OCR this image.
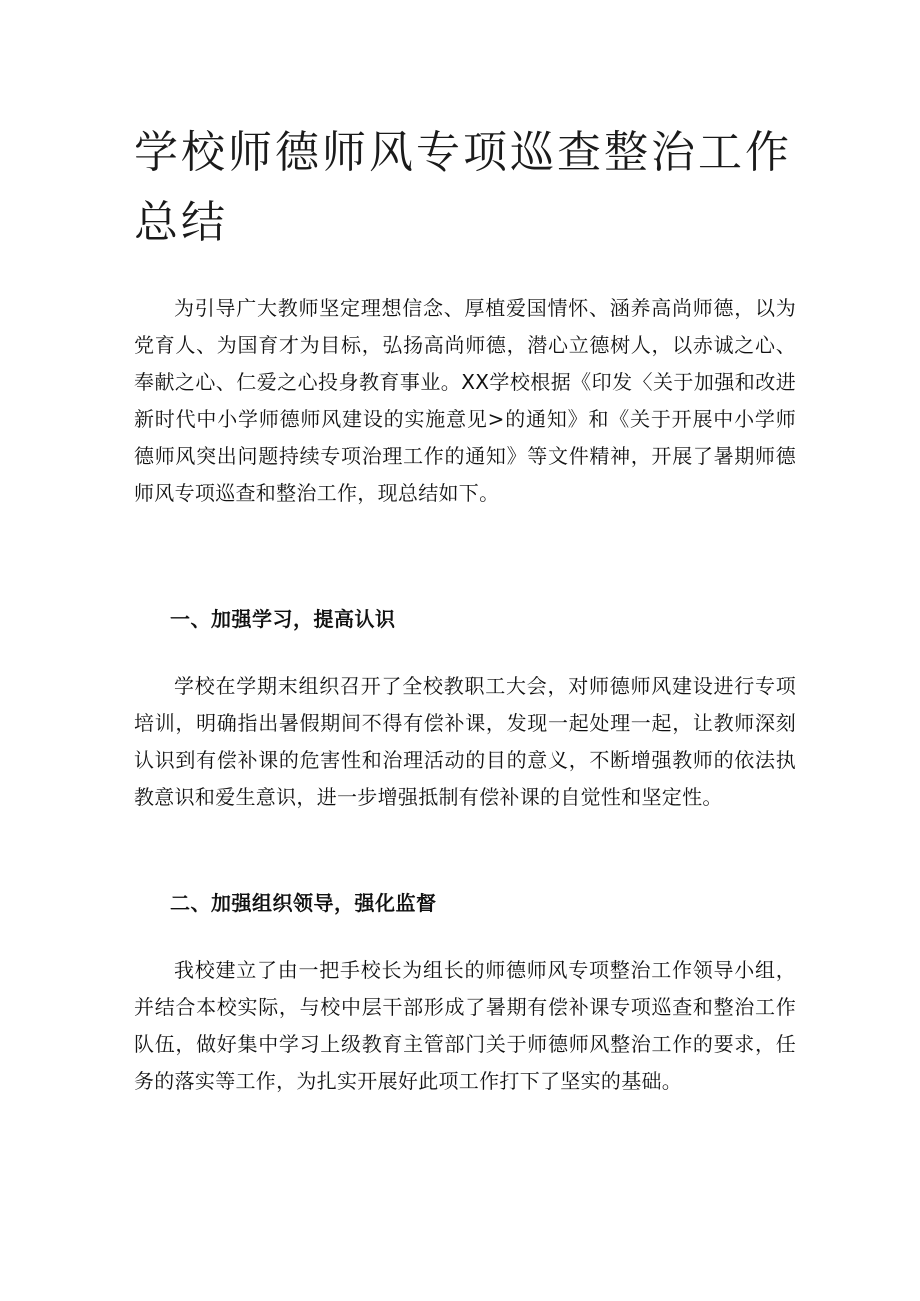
学校师德师风专项巡查整治工作总结

为引导广大教师坚定理想信念、厚植爱国情怀、涵养高尚师德，以为党育人、为国育才为目标，弘扬高尚师德，潜心立德树人，以赤诚之心、奉献之心、仁爱之心投身教育事业。XX学校根据《印发〈关于加强和改进新时代中小学师德师风建设的实施意见>的通知》和《关于开展中小学师德师风突出问题持续专项治理工作的通知》等文件精神，开展了暑期师德师风专项巡查和整治工作，现总结如下。

一、加强学习，提高认识

学校在学期末组织召开了全校教职工大会，对师德师风建设进行专项培训，明确指出暑假期间不得有偿补课，发现一起处理一起，让教师深刻认识到有偿补课的危害性和治理活动的目的意义，不断增强教师的依法执教意识和爱生意识，进一步增强抵制有偿补课的自觉性和坚定性。

二、加强组织领导，强化监督

我校建立了由一把手校长为组长的师德师风专项整治工作领导小组，并结合本校实际，与校中层干部形成了暑期有偿补课专项巡查和整治工作队伍，做好集中学习上级教育主管部门关于师德师风整治工作的要求，任务的落实等工作，为扎实开展好此项工作打下了坚实的基础。
